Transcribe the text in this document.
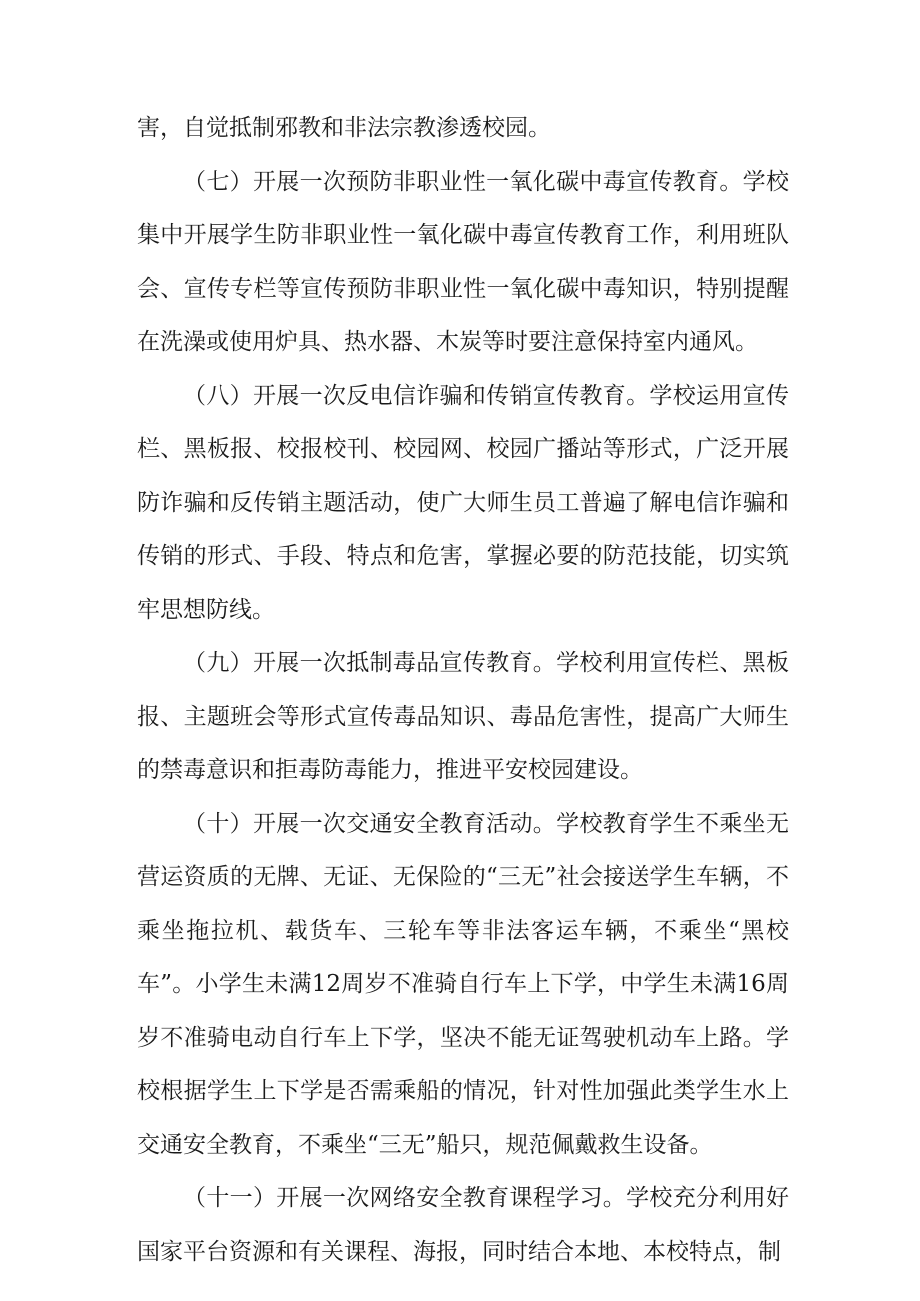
害，自觉抵制邪教和非法宗教渗透校园。

（七）开展一次预防非职业性一氧化碳中毒宣传教育。学校集中开展学生防非职业性一氧化碳中毒宣传教育工作，利用班队会、宣传专栏等宣传预防非职业性一氧化碳中毒知识，特别提醒在洗澡或使用炉具、热水器、木炭等时要注意保持室内通风。

（八）开展一次反电信诈骗和传销宣传教育。学校运用宣传栏、黑板报、校报校刊、校园网、校园广播站等形式，广泛开展防诈骗和反传销主题活动，使广大师生员工普遍了解电信诈骗和传销的形式、手段、特点和危害，掌握必要的防范技能，切实筑牢思想防线。

（九）开展一次抵制毒品宣传教育。学校利用宣传栏、黑板报、主题班会等形式宣传毒品知识、毒品危害性，提高广大师生的禁毒意识和拒毒防毒能力，推进平安校园建设。

（十）开展一次交通安全教育活动。学校教育学生不乘坐无营运资质的无牌、无证、无保险的“三无”社会接送学生车辆，不乘坐拖拉机、载货车、三轮车等非法客运车辆，不乘坐“黑校车”。小学生未满12周岁不准骑自行车上下学，中学生未满16周岁不准骑电动自行车上下学，坚决不能无证驾驶机动车上路。学校根据学生上下学是否需乘船的情况，针对性加强此类学生水上交通安全教育，不乘坐“三无”船只，规范佩戴救生设备。

（十一）开展一次网络安全教育课程学习。学校充分利用好国家平台资源和有关课程、海报，同时结合本地、本校特点，制
